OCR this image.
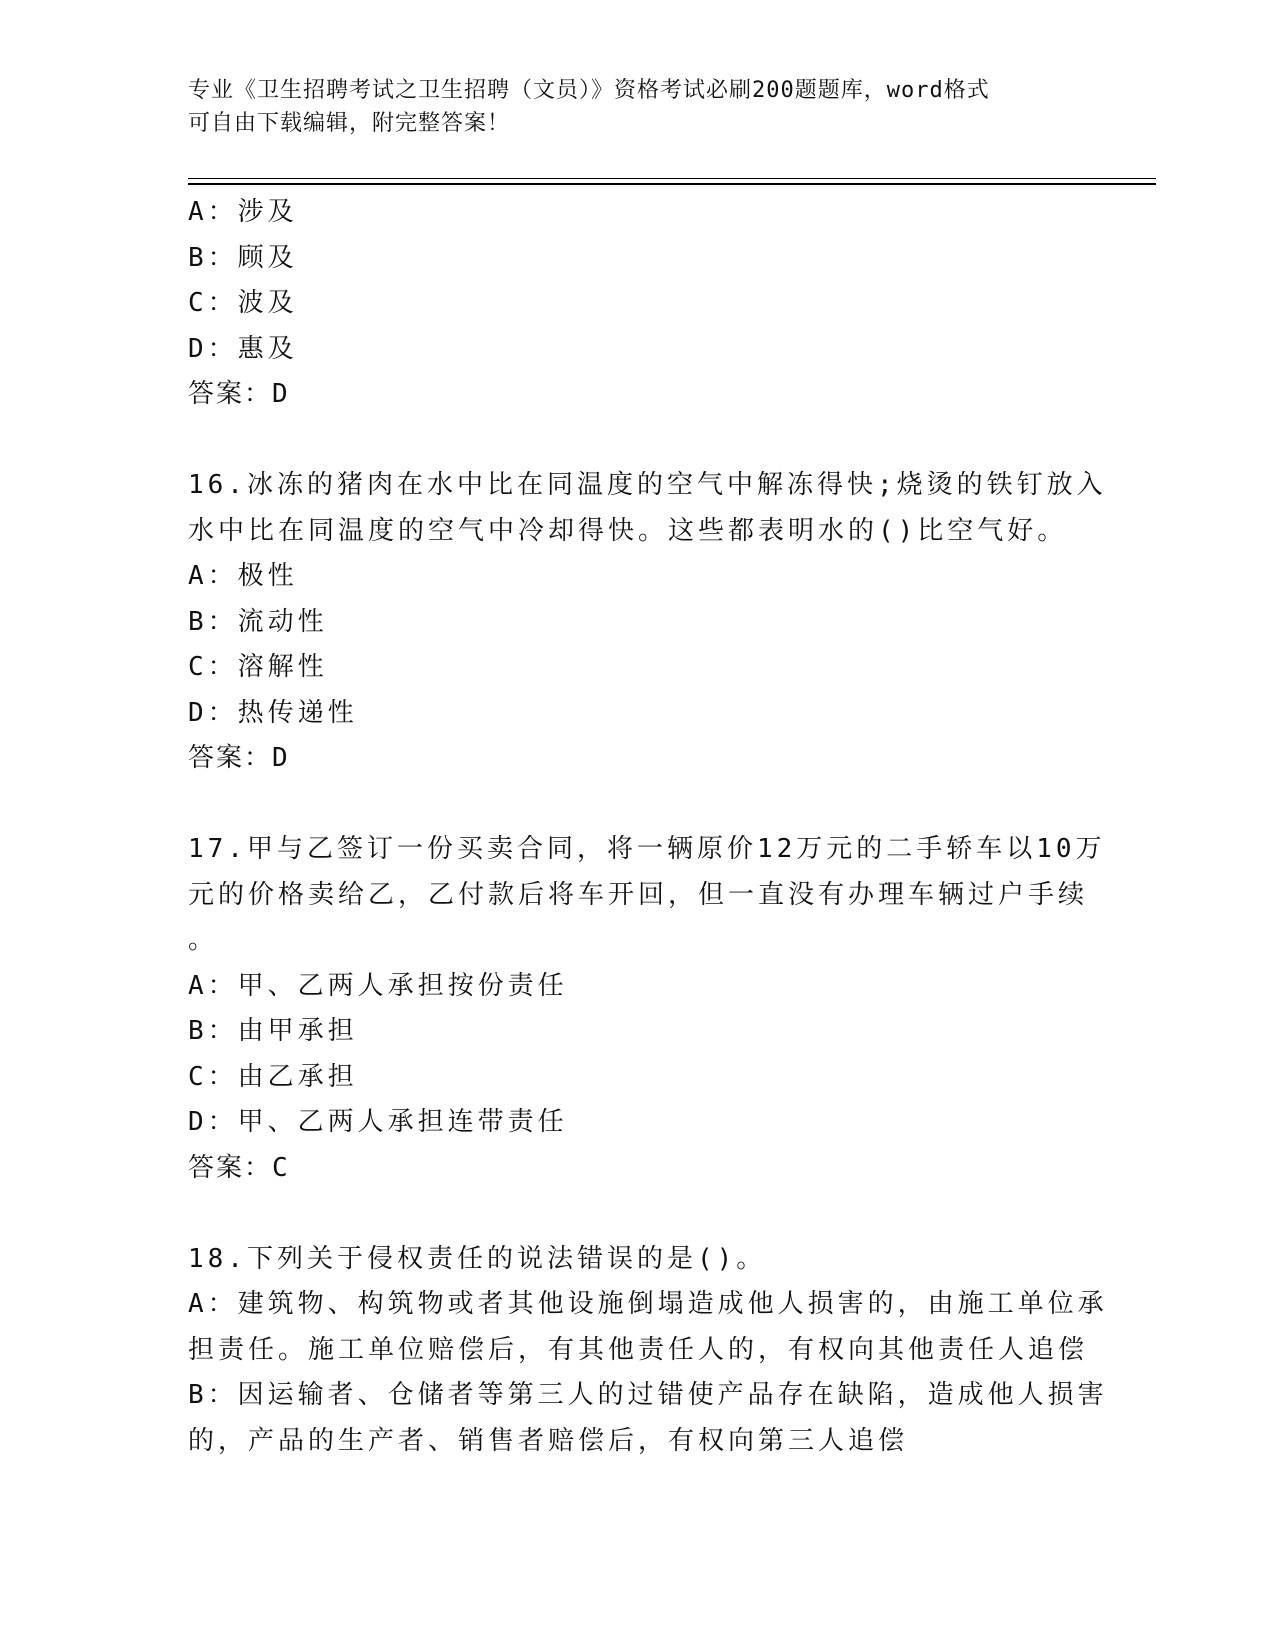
专业《卫生招聘考试之卫生招聘（文员）》资格考试必刷200题题库，word格式
可自由下载编辑，附完整答案！
A：涉及
B：顾及
C：波及
D：惠及
答案：D
16.冰冻的猪肉在水中比在同温度的空气中解冻得快;烧烫的铁钉放入
水中比在同温度的空气中冷却得快。这些都表明水的()比空气好。
A：极性
B：流动性
C：溶解性
D：热传递性
答案：D
17.甲与乙签订一份买卖合同，将一辆原价12万元的二手轿车以10万
元的价格卖给乙，乙付款后将车开回，但一直没有办理车辆过户手续
。
A：甲、乙两人承担按份责任
B：由甲承担
C：由乙承担
D：甲、乙两人承担连带责任
答案：C
18.下列关于侵权责任的说法错误的是()。
A：建筑物、构筑物或者其他设施倒塌造成他人损害的，由施工单位承
担责任。施工单位赔偿后，有其他责任人的，有权向其他责任人追偿
B：因运输者、仓储者等第三人的过错使产品存在缺陷，造成他人损害
的，产品的生产者、销售者赔偿后，有权向第三人追偿
